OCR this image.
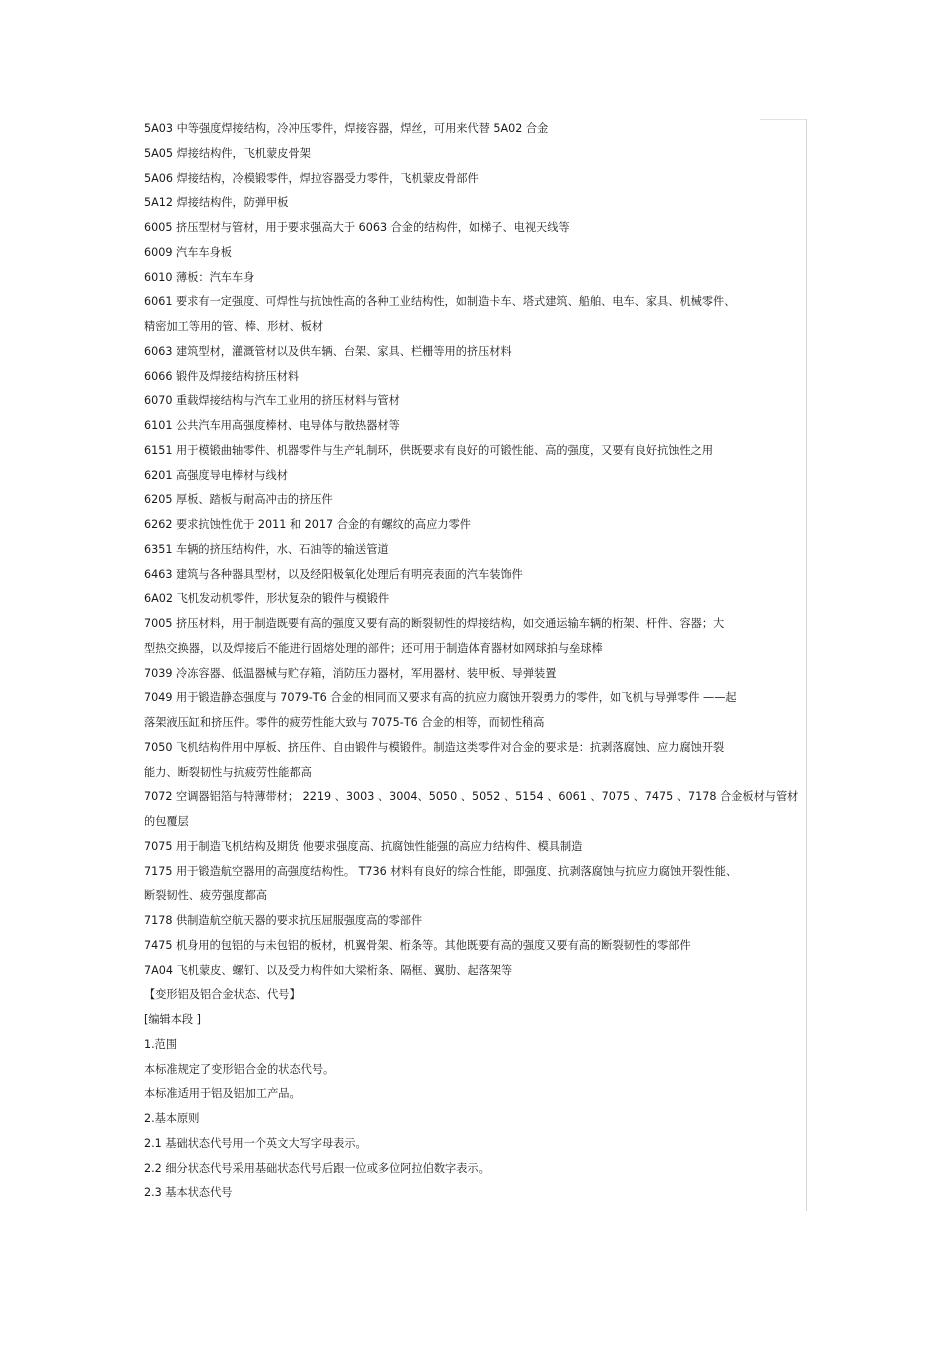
5A03 中等强度焊接结构，冷冲压零件，焊接容器，焊丝，可用来代替 5A02 合金
5A05 焊接结构件，飞机蒙皮骨架
5A06 焊接结构，冷模锻零件，焊拉容器受力零件，飞机蒙皮骨部件
5A12 焊接结构件，防弹甲板
6005 挤压型材与管材，用于要求强高大于 6063 合金的结构件，如梯子、电视天线等
6009 汽车车身板
6010 薄板：汽车车身
6061 要求有一定强度、可焊性与抗蚀性高的各种工业结构性，如制造卡车、塔式建筑、船舶、电车、家具、机械零件、
精密加工等用的管、棒、形材、板材
6063 建筑型材，灌溉管材以及供车辆、台架、家具、栏栅等用的挤压材料
6066 锻件及焊接结构挤压材料
6070 重载焊接结构与汽车工业用的挤压材料与管材
6101 公共汽车用高强度棒材、电导体与散热器材等
6151 用于模锻曲轴零件、机器零件与生产轧制环，供既要求有良好的可锻性能、高的强度，又要有良好抗蚀性之用
6201 高强度导电棒材与线材
6205 厚板、踏板与耐高冲击的挤压件
6262 要求抗蚀性优于 2011 和 2017 合金的有螺纹的高应力零件
6351 车辆的挤压结构件，水、石油等的输送管道
6463 建筑与各种器具型材，以及经阳极氧化处理后有明亮表面的汽车装饰件
6A02 飞机发动机零件，形状复杂的锻件与模锻件
7005 挤压材料，用于制造既要有高的强度又要有高的断裂韧性的焊接结构，如交通运输车辆的桁架、杆件、容器；大
型热交换器，以及焊接后不能进行固熔处理的部件；还可用于制造体育器材如网球拍与垒球棒
7039 冷冻容器、低温器械与贮存箱，消防压力器材，军用器材、装甲板、导弹装置
7049 用于锻造静态强度与 7079-T6 合金的相同而又要求有高的抗应力腐蚀开裂勇力的零件，如飞机与导弹零件 ——起
落架液压缸和挤压件。零件的疲劳性能大致与 7075-T6 合金的相等，而韧性稍高
7050 飞机结构件用中厚板、挤压件、自由锻件与模锻件。制造这类零件对合金的要求是：抗剥落腐蚀、应力腐蚀开裂
能力、断裂韧性与抗疲劳性能都高
7072 空调器铝箔与特薄带材； 2219 、3003 、3004、5050 、5052 、5154 、6061 、7075 、7475 、7178 合金板材与管材
的包覆层
7075 用于制造飞机结构及期货 他要求强度高、抗腐蚀性能强的高应力结构件、模具制造
7175 用于锻造航空器用的高强度结构性。 T736 材料有良好的综合性能，即强度、抗剥落腐蚀与抗应力腐蚀开裂性能、
断裂韧性、疲劳强度都高
7178 供制造航空航天器的要求抗压屈服强度高的零部件
7475 机身用的包铝的与未包铝的板材，机翼骨架、桁条等。其他既要有高的强度又要有高的断裂韧性的零部件
7A04 飞机蒙皮、螺钉、以及受力构件如大梁桁条、隔框、翼肋、起落架等
【变形铝及铝合金状态、代号】
[编辑本段 ]
1.范围
本标准规定了变形铝合金的状态代号。
本标准适用于铝及铝加工产品。
2.基本原则
2.1 基础状态代号用一个英文大写字母表示。
2.2 细分状态代号采用基础状态代号后跟一位或多位阿拉伯数字表示。
2.3 基本状态代号
